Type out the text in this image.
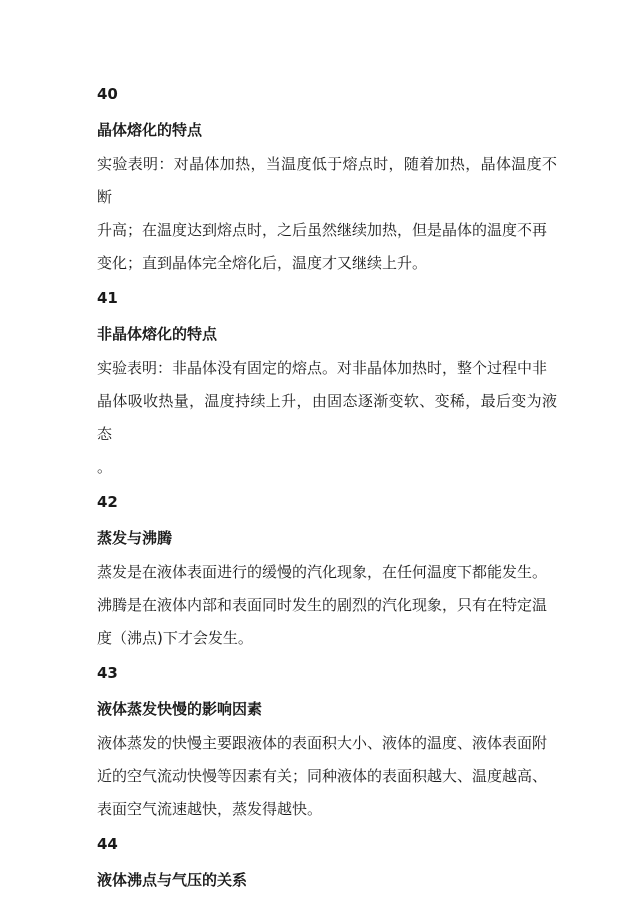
40
晶体熔化的特点

实验表明：对晶体加热，当温度低于熔点时，随着加热，晶体温度不断

升高；在温度达到熔点时，之后虽然继续加热，但是晶体的温度不再

变化；直到晶体完全熔化后，温度才又继续上升。

41
非晶体熔化的特点

实验表明：非晶体没有固定的熔点。对非晶体加热时，整个过程中非

晶体吸收热量，温度持续上升，由固态逐渐变软、变稀，最后变为液态

。

42
蒸发与沸腾

蒸发是在液体表面进行的缓慢的汽化现象，在任何温度下都能发生。

沸腾是在液体内部和表面同时发生的剧烈的汽化现象，只有在特定温

度（沸点)下才会发生。

43
液体蒸发快慢的影响因素

液体蒸发的快慢主要跟液体的表面积大小、液体的温度、液体表面附

近的空气流动快慢等因素有关；同种液体的表面积越大、温度越高、

表面空气流速越快，蒸发得越快。

44
液体沸点与气压的关系
